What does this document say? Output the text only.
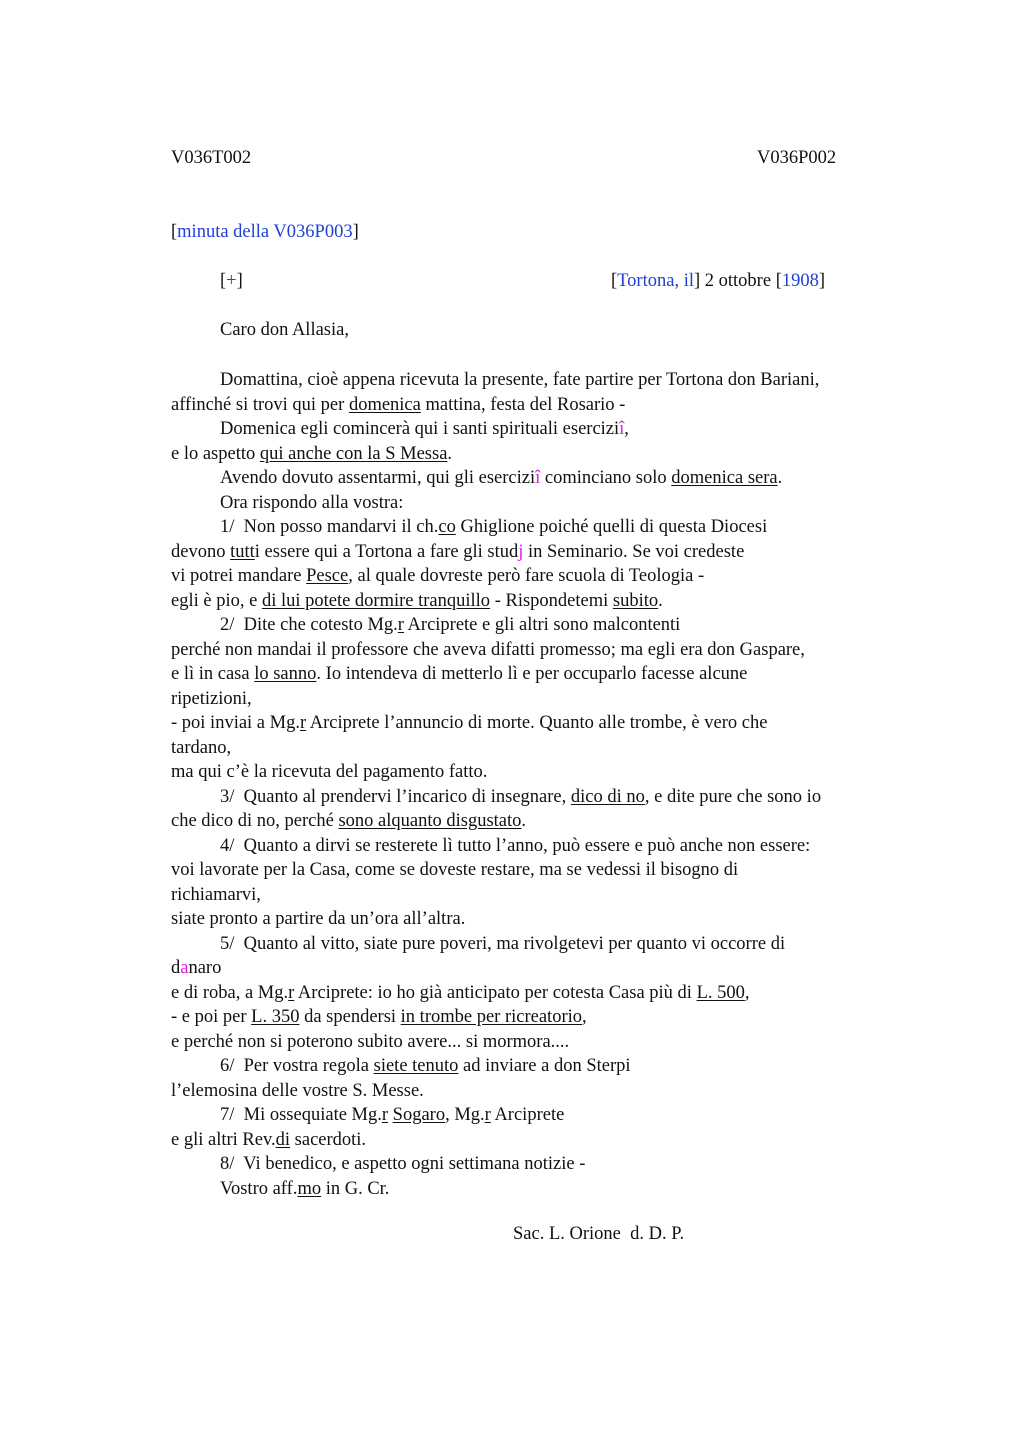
V036T002	V036P002
[minuta della V036P003]
[+]	[Tortona, il] 2 ottobre [1908]
Caro don Allasia,
Domattina, cioè appena ricevuta la presente, fate partire per Tortona don Bariani,
affinché si trovi qui per domenica mattina, festa del Rosario -
Domenica egli comincerà qui i santi spirituali eserciziî,
e lo aspetto qui anche con la S Messa.
Avendo dovuto assentarmi, qui gli eserciziî cominciano solo domenica sera.
Ora rispondo alla vostra:
1/  Non posso mandarvi il ch.co Ghiglione poiché quelli di questa Diocesi
devono tutti essere qui a Tortona a fare gli studj in Seminario. Se voi credeste
vi potrei mandare Pesce, al quale dovreste però fare scuola di Teologia -
egli è pio, e di lui potete dormire tranquillo - Rispondetemi subito.
2/  Dite che cotesto Mg.r Arciprete e gli altri sono malcontenti
perché non mandai il professore che aveva difatti promesso; ma egli era don Gaspare,
e lì in casa lo sanno. Io intendeva di metterlo lì e per occuparlo facesse alcune
ripetizioni,
- poi inviai a Mg.r Arciprete l’annuncio di morte. Quanto alle trombe, è vero che
tardano,
ma qui c’è la ricevuta del pagamento fatto.
3/  Quanto al prendervi l’incarico di insegnare, dico di no, e dite pure che sono io
che dico di no, perché sono alquanto disgustato.
4/  Quanto a dirvi se resterete lì tutto l’anno, può essere e può anche non essere:
voi lavorate per la Casa, come se doveste restare, ma se vedessi il bisogno di
richiamarvi,
siate pronto a partire da un’ora all’altra.
5/  Quanto al vitto, siate pure poveri, ma rivolgetevi per quanto vi occorre di
danaro
e di roba, a Mg.r Arciprete: io ho già anticipato per cotesta Casa più di L. 500,
- e poi per L. 350 da spendersi in trombe per ricreatorio,
e perché non si poterono subito avere... si mormora....
6/  Per vostra regola siete tenuto ad inviare a don Sterpi
l’elemosina delle vostre S. Messe.
7/  Mi ossequiate Mg.r Sogaro, Mg.r Arciprete
e gli altri Rev.di sacerdoti.
8/  Vi benedico, e aspetto ogni settimana notizie -
Vostro aff.mo in G. Cr.
Sac. L. Orione  d. D. P.
